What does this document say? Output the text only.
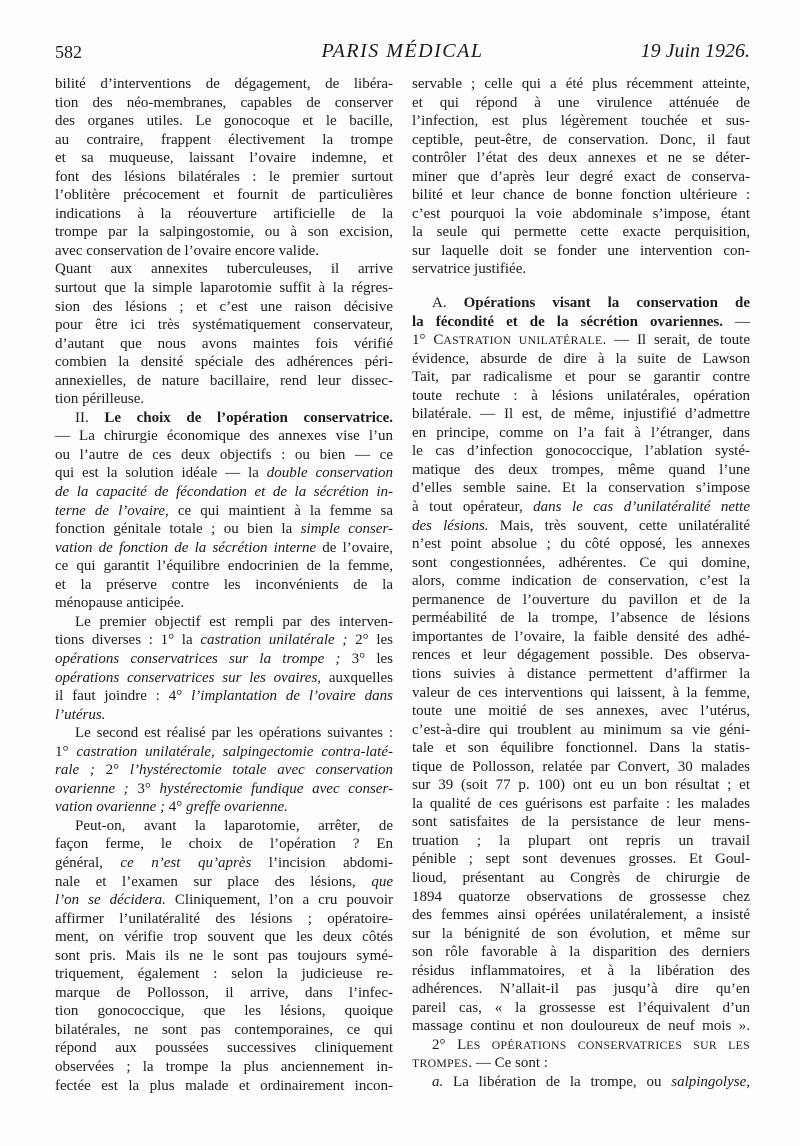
582	PARIS MÉDICAL	19 Juin 1926.
bilité d’interventions de dégagement, de libéra-
tion des néo-membranes, capables de conserver
des organes utiles. Le gonocoque et le bacille,
au contraire, frappent électivement la trompe
et sa muqueuse, laissant l’ovaire indemne, et
font des lésions bilatérales : le premier surtout
l’oblitère précocement et fournit de particulières
indications à la réouverture artificielle de la
trompe par la salpingostomie, ou à son excision,
avec conservation de l’ovaire encore valide.
Quant aux annexites tuberculeuses, il arrive
surtout que la simple laparotomie suffit à la régres-
sion des lésions ; et c’est une raison décisive
pour être ici très systématiquement conservateur,
d’autant que nous avons maintes fois vérifié
combien la densité spéciale des adhérences péri-
annexielles, de nature bacillaire, rend leur dissec-
tion périlleuse.
II. Le choix de l’opération conservatrice.
— La chirurgie économique des annexes vise l’un
ou l’autre de ces deux objectifs : ou bien — ce
qui est la solution idéale — la double conservation
de la capacité de fécondation et de la sécrétion in-
terne de l’ovaire, ce qui maintient à la femme sa
fonction génitale totale ; ou bien la simple conser-
vation de fonction de la sécrétion interne de l’ovaire,
ce qui garantit l’équilibre endocrinien de la femme,
et la préserve contre les inconvénients de la
ménopause anticipée.
Le premier objectif est rempli par des interven-
tions diverses : 1° la castration unilatérale ; 2° les
opérations conservatrices sur la trompe ; 3° les
opérations conservatrices sur les ovaires, auxquelles
il faut joindre : 4° l’implantation de l’ovaire dans
l’utérus.
Le second est réalisé par les opérations suivantes :
1° castration unilatérale, salpingectomie contra-laté-
rale ; 2° l’hystérectomie totale avec conservation
ovarienne ; 3° hystérectomie fundique avec conser-
vation ovarienne ; 4° greffe ovarienne.
Peut-on, avant la laparotomie, arrêter, de
façon ferme, le choix de l’opération ? En
général, ce n’est qu’après l’incision abdomi-
nale et l’examen sur place des lésions, que
l’on se décidera. Cliniquement, l’on a cru pouvoir
affirmer l’unilatéralité des lésions ; opératoire-
ment, on vérifie trop souvent que les deux côtés
sont pris. Mais ils ne le sont pas toujours symé-
triquement, également : selon la judicieuse re-
marque de Pollosson, il arrive, dans l’infec-
tion gonococcique, que les lésions, quoique
bilatérales, ne sont pas contemporaines, ce qui
répond aux poussées successives cliniquement
observées ; la trompe la plus anciennement in-
fectée est la plus malade et ordinairement incon-
servable ; celle qui a été plus récemment atteinte,
et qui répond à une virulence atténuée de
l’infection, est plus légèrement touchée et sus-
ceptible, peut-être, de conservation. Donc, il faut
contrôler l’état des deux annexes et ne se déter-
miner que d’après leur degré exact de conserva-
bilité et leur chance de bonne fonction ultérieure :
c’est pourquoi la voie abdominale s’impose, étant
la seule qui permette cette exacte perquisition,
sur laquelle doit se fonder une intervention con-
servatrice justifiée.
A. Opérations visant la conservation de
la fécondité et de la sécrétion ovariennes. —
1° CASTRATION UNILATÉRALE. — Il serait, de toute
évidence, absurde de dire à la suite de Lawson
Tait, par radicalisme et pour se garantir contre
toute rechute : à lésions unilatérales, opération
bilatérale. — Il est, de même, injustifié d’admettre
en principe, comme on l’a fait à l’étranger, dans
le cas d’infection gonococcique, l’ablation systé-
matique des deux trompes, même quand l’une
d’elles semble saine. Et la conservation s’impose
à tout opérateur, dans le cas d’unilatéralité nette
des lésions. Mais, très souvent, cette unilatéralité
n’est point absolue ; du côté opposé, les annexes
sont congestionnées, adhérentes. Ce qui domine,
alors, comme indication de conservation, c’est la
permanence de l’ouverture du pavillon et de la
perméabilité de la trompe, l’absence de lésions
importantes de l’ovaire, la faible densité des adhé-
rences et leur dégagement possible. Des observa-
tions suivies à distance permettent d’affirmer la
valeur de ces interventions qui laissent, à la femme,
toute une moitié de ses annexes, avec l’utérus,
c’est-à-dire qui troublent au minimum sa vie géni-
tale et son équilibre fonctionnel. Dans la statis-
tique de Pollosson, relatée par Convert, 30 malades
sur 39 (soit 77 p. 100) ont eu un bon résultat ; et
la qualité de ces guérisons est parfaite : les malades
sont satisfaites de la persistance de leur mens-
truation ; la plupart ont repris un travail
pénible ; sept sont devenues grosses. Et Goul-
lioud, présentant au Congrès de chirurgie de
1894 quatorze observations de grossesse chez
des femmes ainsi opérées unilatéralement, a insisté
sur la bénignité de son évolution, et même sur
son rôle favorable à la disparition des derniers
résidus inflammatoires, et à la libération des
adhérences. N’allait-il pas jusqu’à dire qu’en
pareil cas, « la grossesse est l’équivalent d’un
massage continu et non douloureux de neuf mois ».
2° LES OPÉRATIONS CONSERVATRICES SUR LES
TROMPES. — Ce sont :
a. La libération de la trompe, ou salpingolyse,
